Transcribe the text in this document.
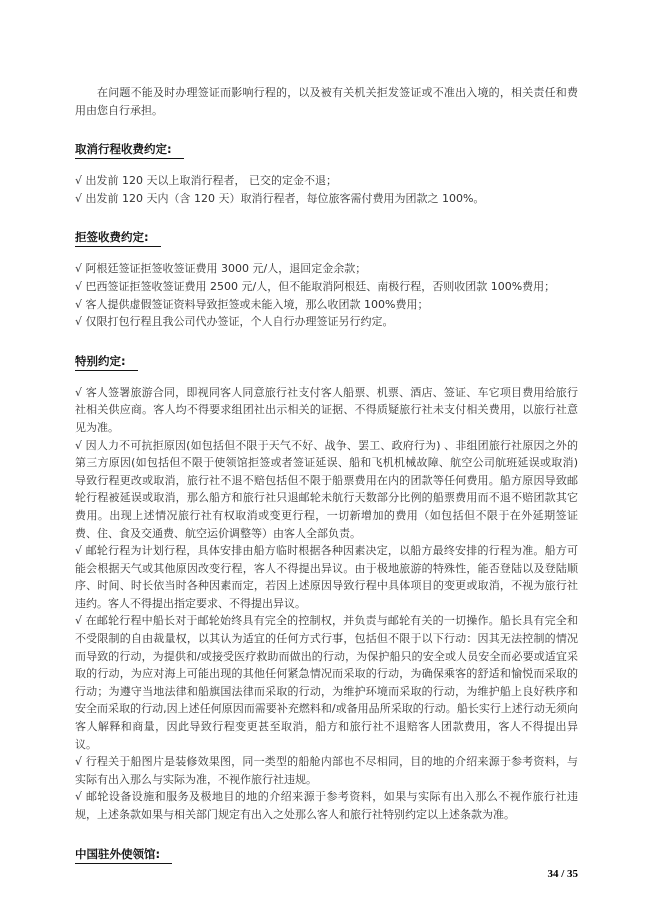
在问题不能及时办理签证而影响行程的，以及被有关机关拒发签证或不准出入境的，相关责任和费用由您自行承担。

取消行程收费约定:

√ 出发前 120 天以上取消行程者， 已交的定金不退；

√ 出发前 120 天内（含 120 天）取消行程者，每位旅客需付费用为团款之 100%。

拒签收费约定:

√ 阿根廷签证拒签收签证费用 3000 元/人，退回定金余款；

√ 巴西签证拒签收签证费用 2500 元/人，但不能取消阿根廷、南极行程，否则收团款 100%费用；

√ 客人提供虚假签证资料导致拒签或未能入境，那么收团款 100%费用；

√ 仅限打包行程且我公司代办签证，个人自行办理签证另行约定。

特别约定:

√ 客人签署旅游合同，即视同客人同意旅行社支付客人船票、机票、酒店、签证、车它项目费用给旅行社相关供应商。客人均不得要求组团社出示相关的证据、不得质疑旅行社未支付相关费用，以旅行社意见为准。

√ 因人力不可抗拒原因(如包括但不限于天气不好、战争、罢工、政府行为) 、非组团旅行社原因之外的第三方原因(如包括但不限于使领馆拒签或者签证延误、船和飞机机械故障、航空公司航班延误或取消) 导致行程更改或取消，旅行社不退不赔包括但不限于船票费用在内的团款等任何费用。船方原因导致邮轮行程被延误或取消，那么船方和旅行社只退邮轮未航行天数部分比例的船票费用而不退不赔团款其它费用。出现上述情况旅行社有权取消或变更行程，一切新增加的费用（如包括但不限于在外延期签证费、住、食及交通费、航空运价调整等）由客人全部负责。

√ 邮轮行程为计划行程，具体安排由船方临时根据各种因素决定，以船方最终安排的行程为准。船方可能会根据天气或其他原因改变行程，客人不得提出异议。由于极地旅游的特殊性，能否登陆以及登陆顺序、时间、时长依当时各种因素而定，若因上述原因导致行程中具体项目的变更或取消，不视为旅行社违约。客人不得提出指定要求、不得提出异议。

√ 在邮轮行程中船长对于邮轮始终具有完全的控制权，并负责与邮轮有关的一切操作。船长具有完全和不受限制的自由裁量权，以其认为适宜的任何方式行事，包括但不限于以下行动：因其无法控制的情况而导致的行动，为提供和/或接受医疗救助而做出的行动，为保护船只的安全或人员安全而必要或适宜采取的行动，为应对海上可能出现的其他任何紧急情况而采取的行动，为确保乘客的舒适和愉悦而采取的行动；为遵守当地法律和船旗国法律而采取的行动，为维护环境而采取的行动，为维护船上良好秩序和安全而采取的行动,因上述任何原因而需要补充燃料和/或备用品所采取的行动。船长实行上述行动无须向客人解释和商量，因此导致行程变更甚至取消，船方和旅行社不退赔客人团款费用，客人不得提出异议。

√ 行程关于船图片是装修效果图，同一类型的船舱内部也不尽相同，目的地的介绍来源于参考资料，与实际有出入那么与实际为准，不视作旅行社违规。

√ 邮轮设备设施和服务及极地目的地的介绍来源于参考资料，如果与实际有出入那么不视作旅行社违规，上述条款如果与相关部门规定有出入之处那么客人和旅行社特别约定以上述条款为准。

中国驻外使领馆:
34 / 35
